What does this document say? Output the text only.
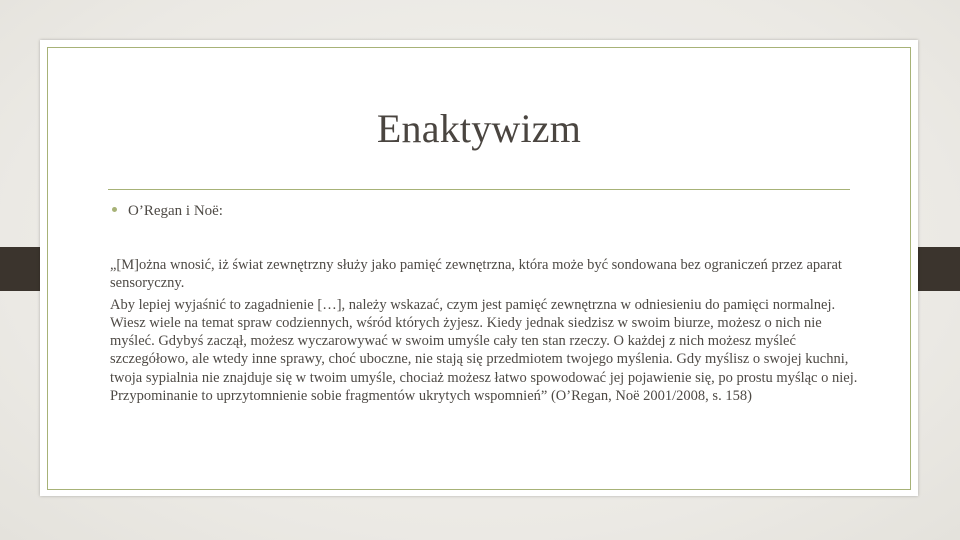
Enaktywizm
O’Regan i Noë:

„[M]ożna wnosić, iż świat zewnętrzny służy jako pamięć zewnętrzna, która może być sondowana bez ograniczeń przez aparat sensoryczny.

Aby lepiej wyjaśnić to zagadnienie […], należy wskazać, czym jest pamięć zewnętrzna w odniesieniu do pamięci normalnej. Wiesz wiele na temat spraw codziennych, wśród których żyjesz. Kiedy jednak siedzisz w swoim biurze, możesz o nich nie myśleć. Gdybyś zaczął, możesz wyczarowywać w swoim umyśle cały ten stan rzeczy. O każdej z nich możesz myśleć szczegółowo, ale wtedy inne sprawy, choć uboczne, nie stają się przedmiotem twojego myślenia. Gdy myślisz o swojej kuchni, twoja sypialnia nie znajduje się w twoim umyśle, chociaż możesz łatwo spowodować jej pojawienie się, po prostu myśląc o niej. Przypominanie to uprzytomnienie sobie fragmentów ukrytych wspomnień” (O’Regan, Noë 2001/2008, s. 158)
